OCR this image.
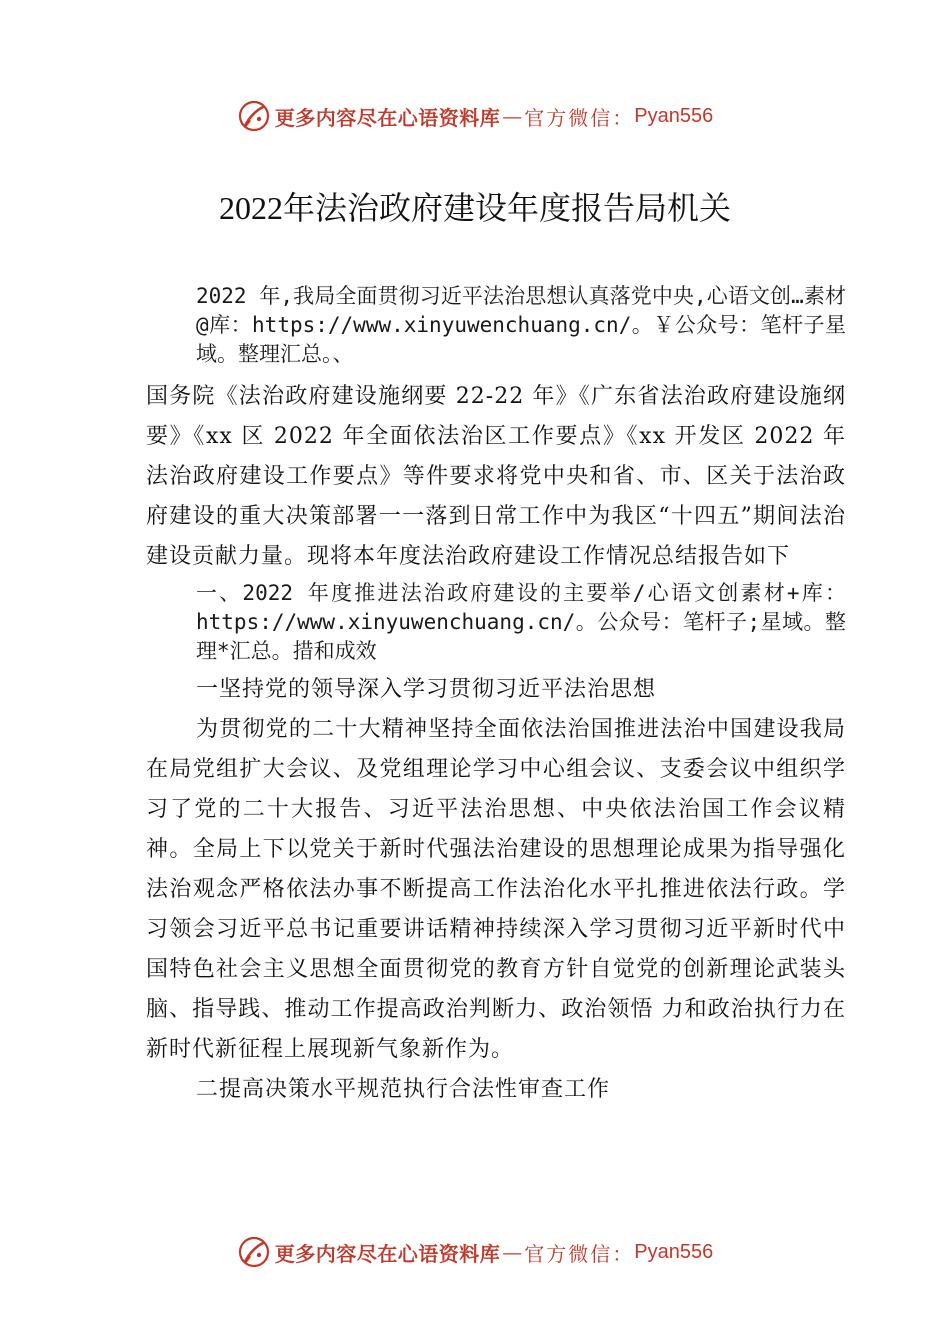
更多内容尽在心语资料库 — 官方微信： Pyan556
2022年法治政府建设年度报告局机关

2022 年,我局全面贯彻习近平法治思想认真落党中央,心语文创…素材@库：https://www.xinyuwenchuang.cn/。￥公众号：笔杆子星域。整理汇总。、

国务院《法治政府建设施纲要 22-22 年》《广东省法治政府建设施纲要》《xx 区 2022 年全面依法治区工作要点》《xx 开发区 2022 年法治政府建设工作要点》等件要求将党中央和省、市、区关于法治政府建设的重大决策部署一一落到日常工作中为我区“十四五”期间法治建设贡献力量。现将本年度法治政府建设工作情况总结报告如下

一、2022 年度推进法治政府建设的主要举/心语文创素材+库：https://www.xinyuwenchuang.cn/。公众号：笔杆子;星域。整理*汇总。措和成效

一坚持党的领导深入学习贯彻习近平法治思想

为贯彻党的二十大精神坚持全面依法治国推进法治中国建设我局在局党组扩大会议、及党组理论学习中心组会议、支委会议中组织学习了党的二十大报告、习近平法治思想、中央依法治国工作会议精神。全局上下以党关于新时代强法治建设的思想理论成果为指导强化法治观念严格依法办事不断提高工作法治化水平扎推进依法行政。学习领会习近平总书记重要讲话精神持续深入学习贯彻习近平新时代中国特色社会主义思想全面贯彻党的教育方针自觉党的创新理论武装头脑、指导践、推动工作提高政治判断力、政治领悟 力和政治执行力在新时代新征程上展现新气象新作为。

二提高决策水平规范执行合法性审查工作

更多内容尽在心语资料库 — 官方微信： Pyan556
